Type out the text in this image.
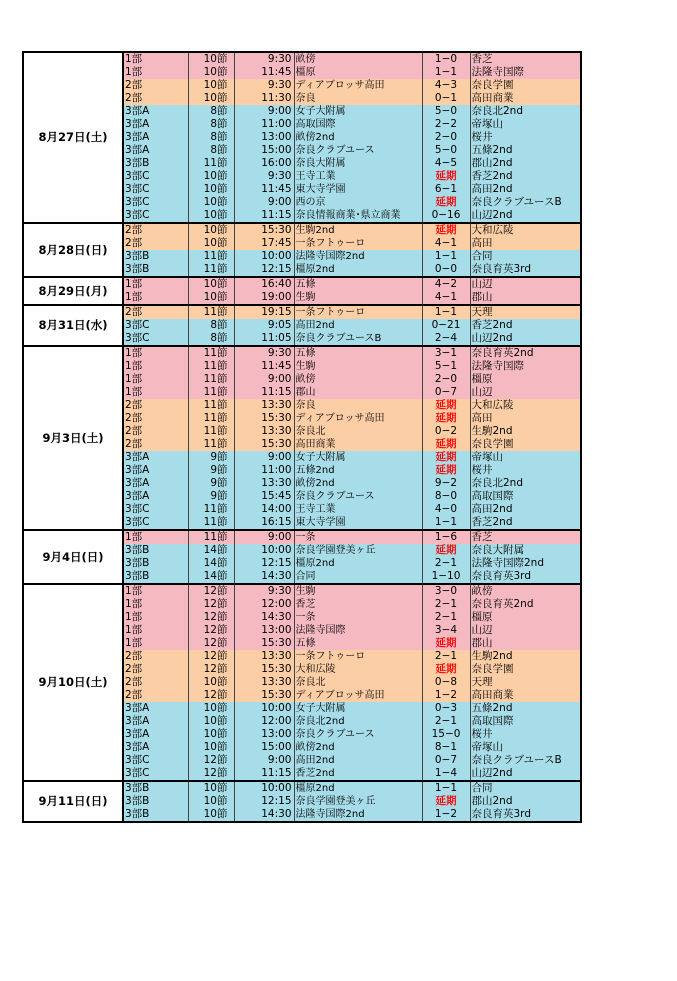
8月27日(土)	1部	10節	9:30	畝傍	1−0	香芝
	1部	10節	11:45	橿原	1−1	法隆寺国際
	2部	10節	9:30	ディアブロッサ高田	4−3	奈良学園
	2部	10節	11:30	奈良	0−1	高田商業
	3部A	8節	9:00	女子大附属	5−0	奈良北2nd
	3部A	8節	11:00	高取国際	2−2	帝塚山
	3部A	8節	13:00	畝傍2nd	2−0	桜井
	3部A	8節	15:00	奈良クラブユース	5−0	五條2nd
	3部B	11節	16:00	奈良大附属	4−5	郡山2nd
	3部C	10節	9:30	王寺工業	延期	香芝2nd
	3部C	10節	11:45	東大寺学園	6−1	高田2nd
	3部C	10節	9:00	西の京	延期	奈良クラブユースB
	3部C	10節	11:15	奈良情報商業･県立商業	0−16	山辺2nd
8月28日(日)	2部	10節	15:30	生駒2nd	延期	大和広陵
	2部	10節	17:45	一条フトゥーロ	4−1	高田
	3部B	11節	10:00	法隆寺国際2nd	1−1	合同
	3部B	11節	12:15	橿原2nd	0−0	奈良育英3rd
8月29日(月)	1部	10節	16:40	五條	4−2	山辺
	1部	10節	19:00	生駒	4−1	郡山
8月31日(水)	2部	11節	19:15	一条フトゥーロ	1−1	天理
	3部C	8節	9:05	高田2nd	0−21	香芝2nd
	3部C	8節	11:05	奈良クラブユースB	2−4	山辺2nd
9月3日(土)	1部	11節	9:30	五條	3−1	奈良育英2nd
	1部	11節	11:45	生駒	5−1	法隆寺国際
	1部	11節	9:00	畝傍	2−0	橿原
	1部	11節	11:15	郡山	0−7	山辺
	2部	11節	13:30	奈良	延期	大和広陵
	2部	11節	15:30	ディアブロッサ高田	延期	高田
	2部	11節	13:30	奈良北	0−2	生駒2nd
	2部	11節	15:30	高田商業	延期	奈良学園
	3部A	9節	9:00	女子大附属	延期	帝塚山
	3部A	9節	11:00	五條2nd	延期	桜井
	3部A	9節	13:30	畝傍2nd	9−2	奈良北2nd
	3部A	9節	15:45	奈良クラブユース	8−0	高取国際
	3部C	11節	14:00	王寺工業	4−0	高田2nd
	3部C	11節	16:15	東大寺学園	1−1	香芝2nd
9月4日(日)	1部	11節	9:00	一条	1−6	香芝
	3部B	14節	10:00	奈良学園登美ヶ丘	延期	奈良大附属
	3部B	14節	12:15	橿原2nd	2−1	法隆寺国際2nd
	3部B	14節	14:30	合同	1−10	奈良育英3rd
9月10日(土)	1部	12節	9:30	生駒	3−0	畝傍
	1部	12節	12:00	香芝	2−1	奈良育英2nd
	1部	12節	14:30	一条	2−1	橿原
	1部	12節	13:00	法隆寺国際	3−4	山辺
	1部	12節	15:30	五條	延期	郡山
	2部	12節	13:30	一条フトゥーロ	2−1	生駒2nd
	2部	12節	15:30	大和広陵	延期	奈良学園
	2部	10節	13:30	奈良北	0−8	天理
	2部	12節	15:30	ディアブロッサ高田	1−2	高田商業
	3部A	10節	10:00	女子大附属	0−3	五條2nd
	3部A	10節	12:00	奈良北2nd	2−1	高取国際
	3部A	10節	13:00	奈良クラブユース	15−0	桜井
	3部A	10節	15:00	畝傍2nd	8−1	帝塚山
	3部C	12節	9:00	高田2nd	0−7	奈良クラブユースB
	3部C	12節	11:15	香芝2nd	1−4	山辺2nd
9月11日(日)	3部B	10節	10:00	橿原2nd	1−1	合同
	3部B	10節	12:15	奈良学園登美ヶ丘	延期	郡山2nd
	3部B	10節	14:30	法隆寺国際2nd	1−2	奈良育英3rd
